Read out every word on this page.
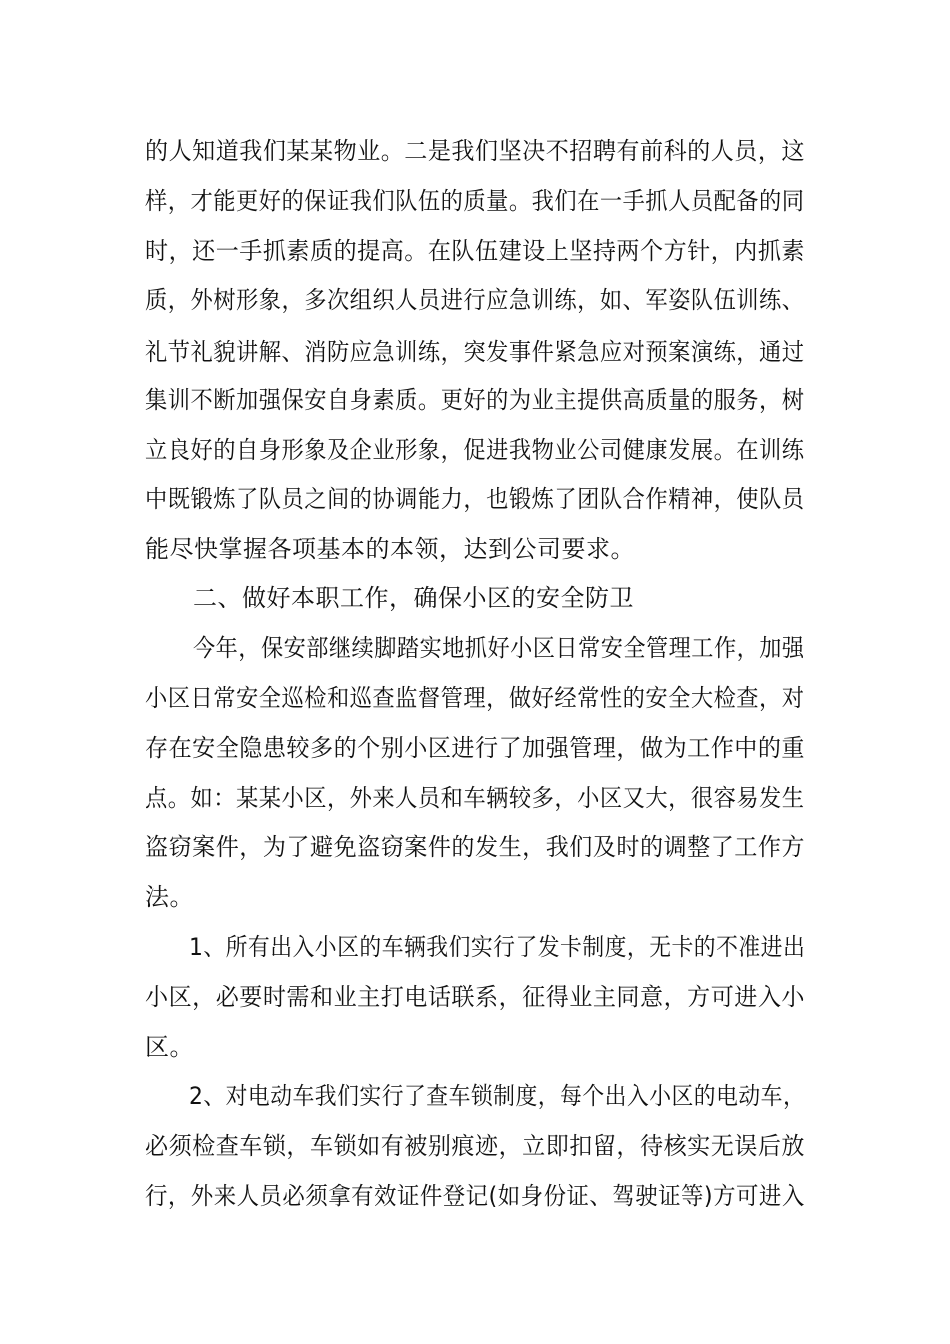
的人知道我们某某物业。二是我们坚决不招聘有前科的人员，这
样，才能更好的保证我们队伍的质量。我们在一手抓人员配备的同
时，还一手抓素质的提高。在队伍建设上坚持两个方针，内抓素
质，外树形象，多次组织人员进行应急训练，如、军姿队伍训练、
礼节礼貌讲解、消防应急训练，突发事件紧急应对预案演练，通过
集训不断加强保安自身素质。更好的为业主提供高质量的服务，树
立良好的自身形象及企业形象，促进我物业公司健康发展。在训练
中既锻炼了队员之间的协调能力，也锻炼了团队合作精神，使队员
能尽快掌握各项基本的本领，达到公司要求。
二、做好本职工作，确保小区的安全防卫
今年，保安部继续脚踏实地抓好小区日常安全管理工作，加强
小区日常安全巡检和巡查监督管理，做好经常性的安全大检查，对
存在安全隐患较多的个别小区进行了加强管理，做为工作中的重
点。如：某某小区，外来人员和车辆较多，小区又大，很容易发生
盗窃案件，为了避免盗窃案件的发生，我们及时的调整了工作方
法。
1、所有出入小区的车辆我们实行了发卡制度，无卡的不准进出
小区，必要时需和业主打电话联系，征得业主同意，方可进入小
区。
2、对电动车我们实行了查车锁制度，每个出入小区的电动车，
必须检查车锁，车锁如有被别痕迹，立即扣留，待核实无误后放
行，外来人员必须拿有效证件登记(如身份证、驾驶证等)方可进入
